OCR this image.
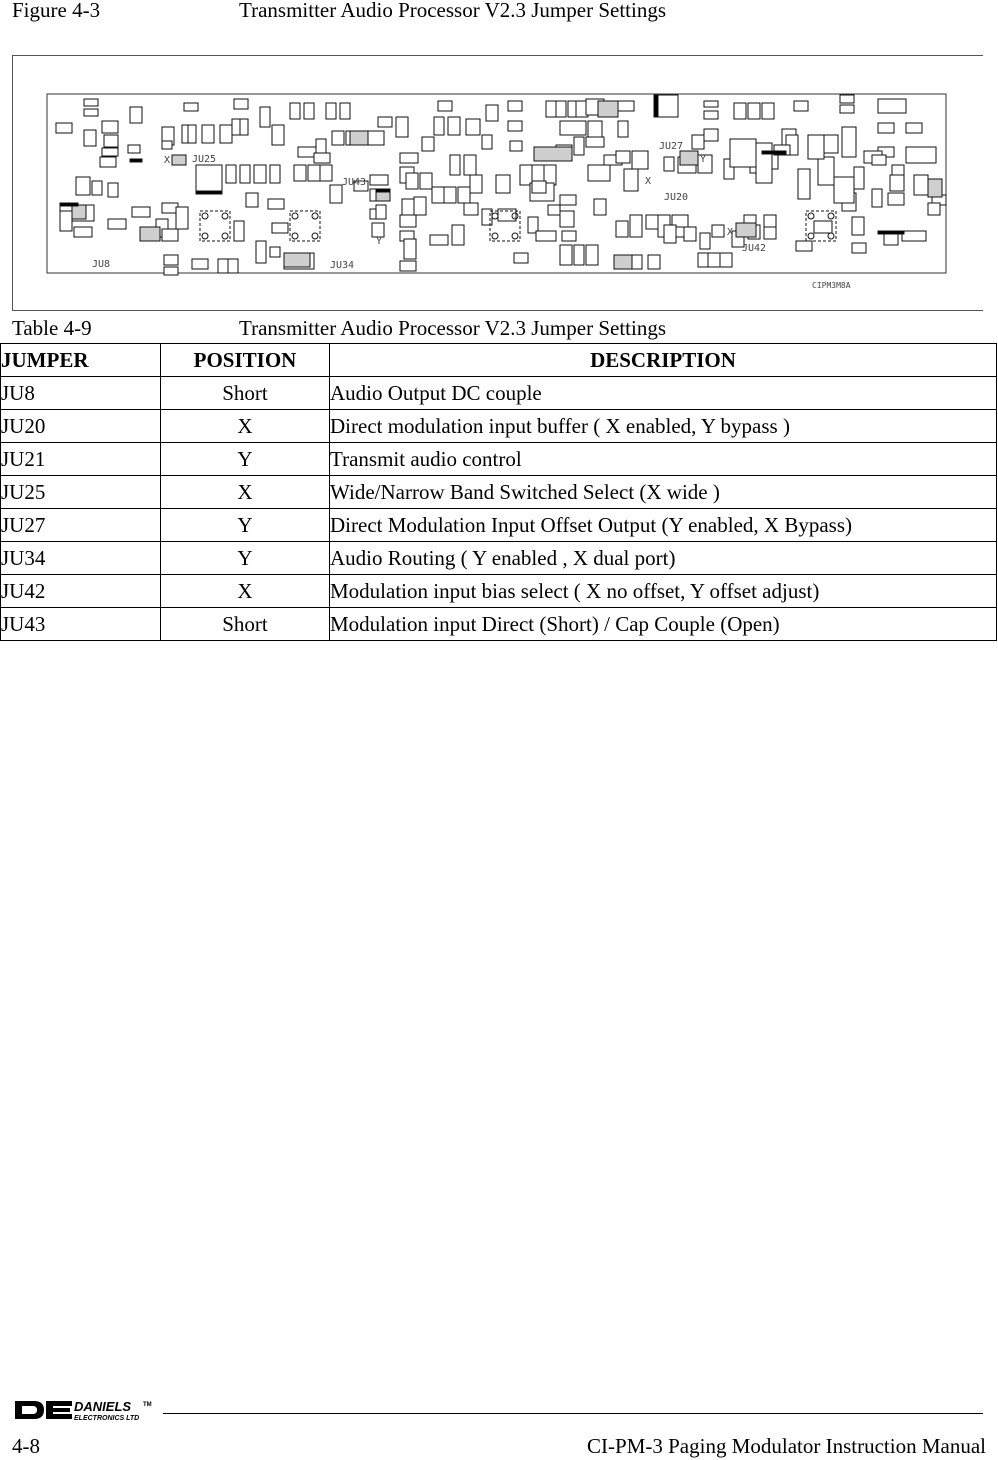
Figure 4-3	Transmitter Audio Processor V2.3 Jumper Settings
JU8
X JU25
JU43
JU34
Y
JU27
Y
X
JU20
X
JU42
CIPM3M8A
Table 4-9	Transmitter Audio Processor V2.3 Jumper Settings
JUMPER	POSITION	DESCRIPTION
JU8	Short	Audio Output DC couple
JU20	X	Direct modulation input buffer ( X enabled, Y bypass )
JU21	Y	Transmit audio control
JU25	X	Wide/Narrow Band Switched Select (X wide )
JU27	Y	Direct Modulation Input Offset Output (Y enabled, X Bypass)
JU34	Y	Audio Routing ( Y enabled , X dual port)
JU42	X	Modulation input bias select ( X no offset, Y offset adjust)
JU43	Short	Modulation input Direct (Short) / Cap Couple (Open)
DANIELS TM
ELECTRONICS LTD
4-8	CI-PM-3 Paging Modulator Instruction Manual
